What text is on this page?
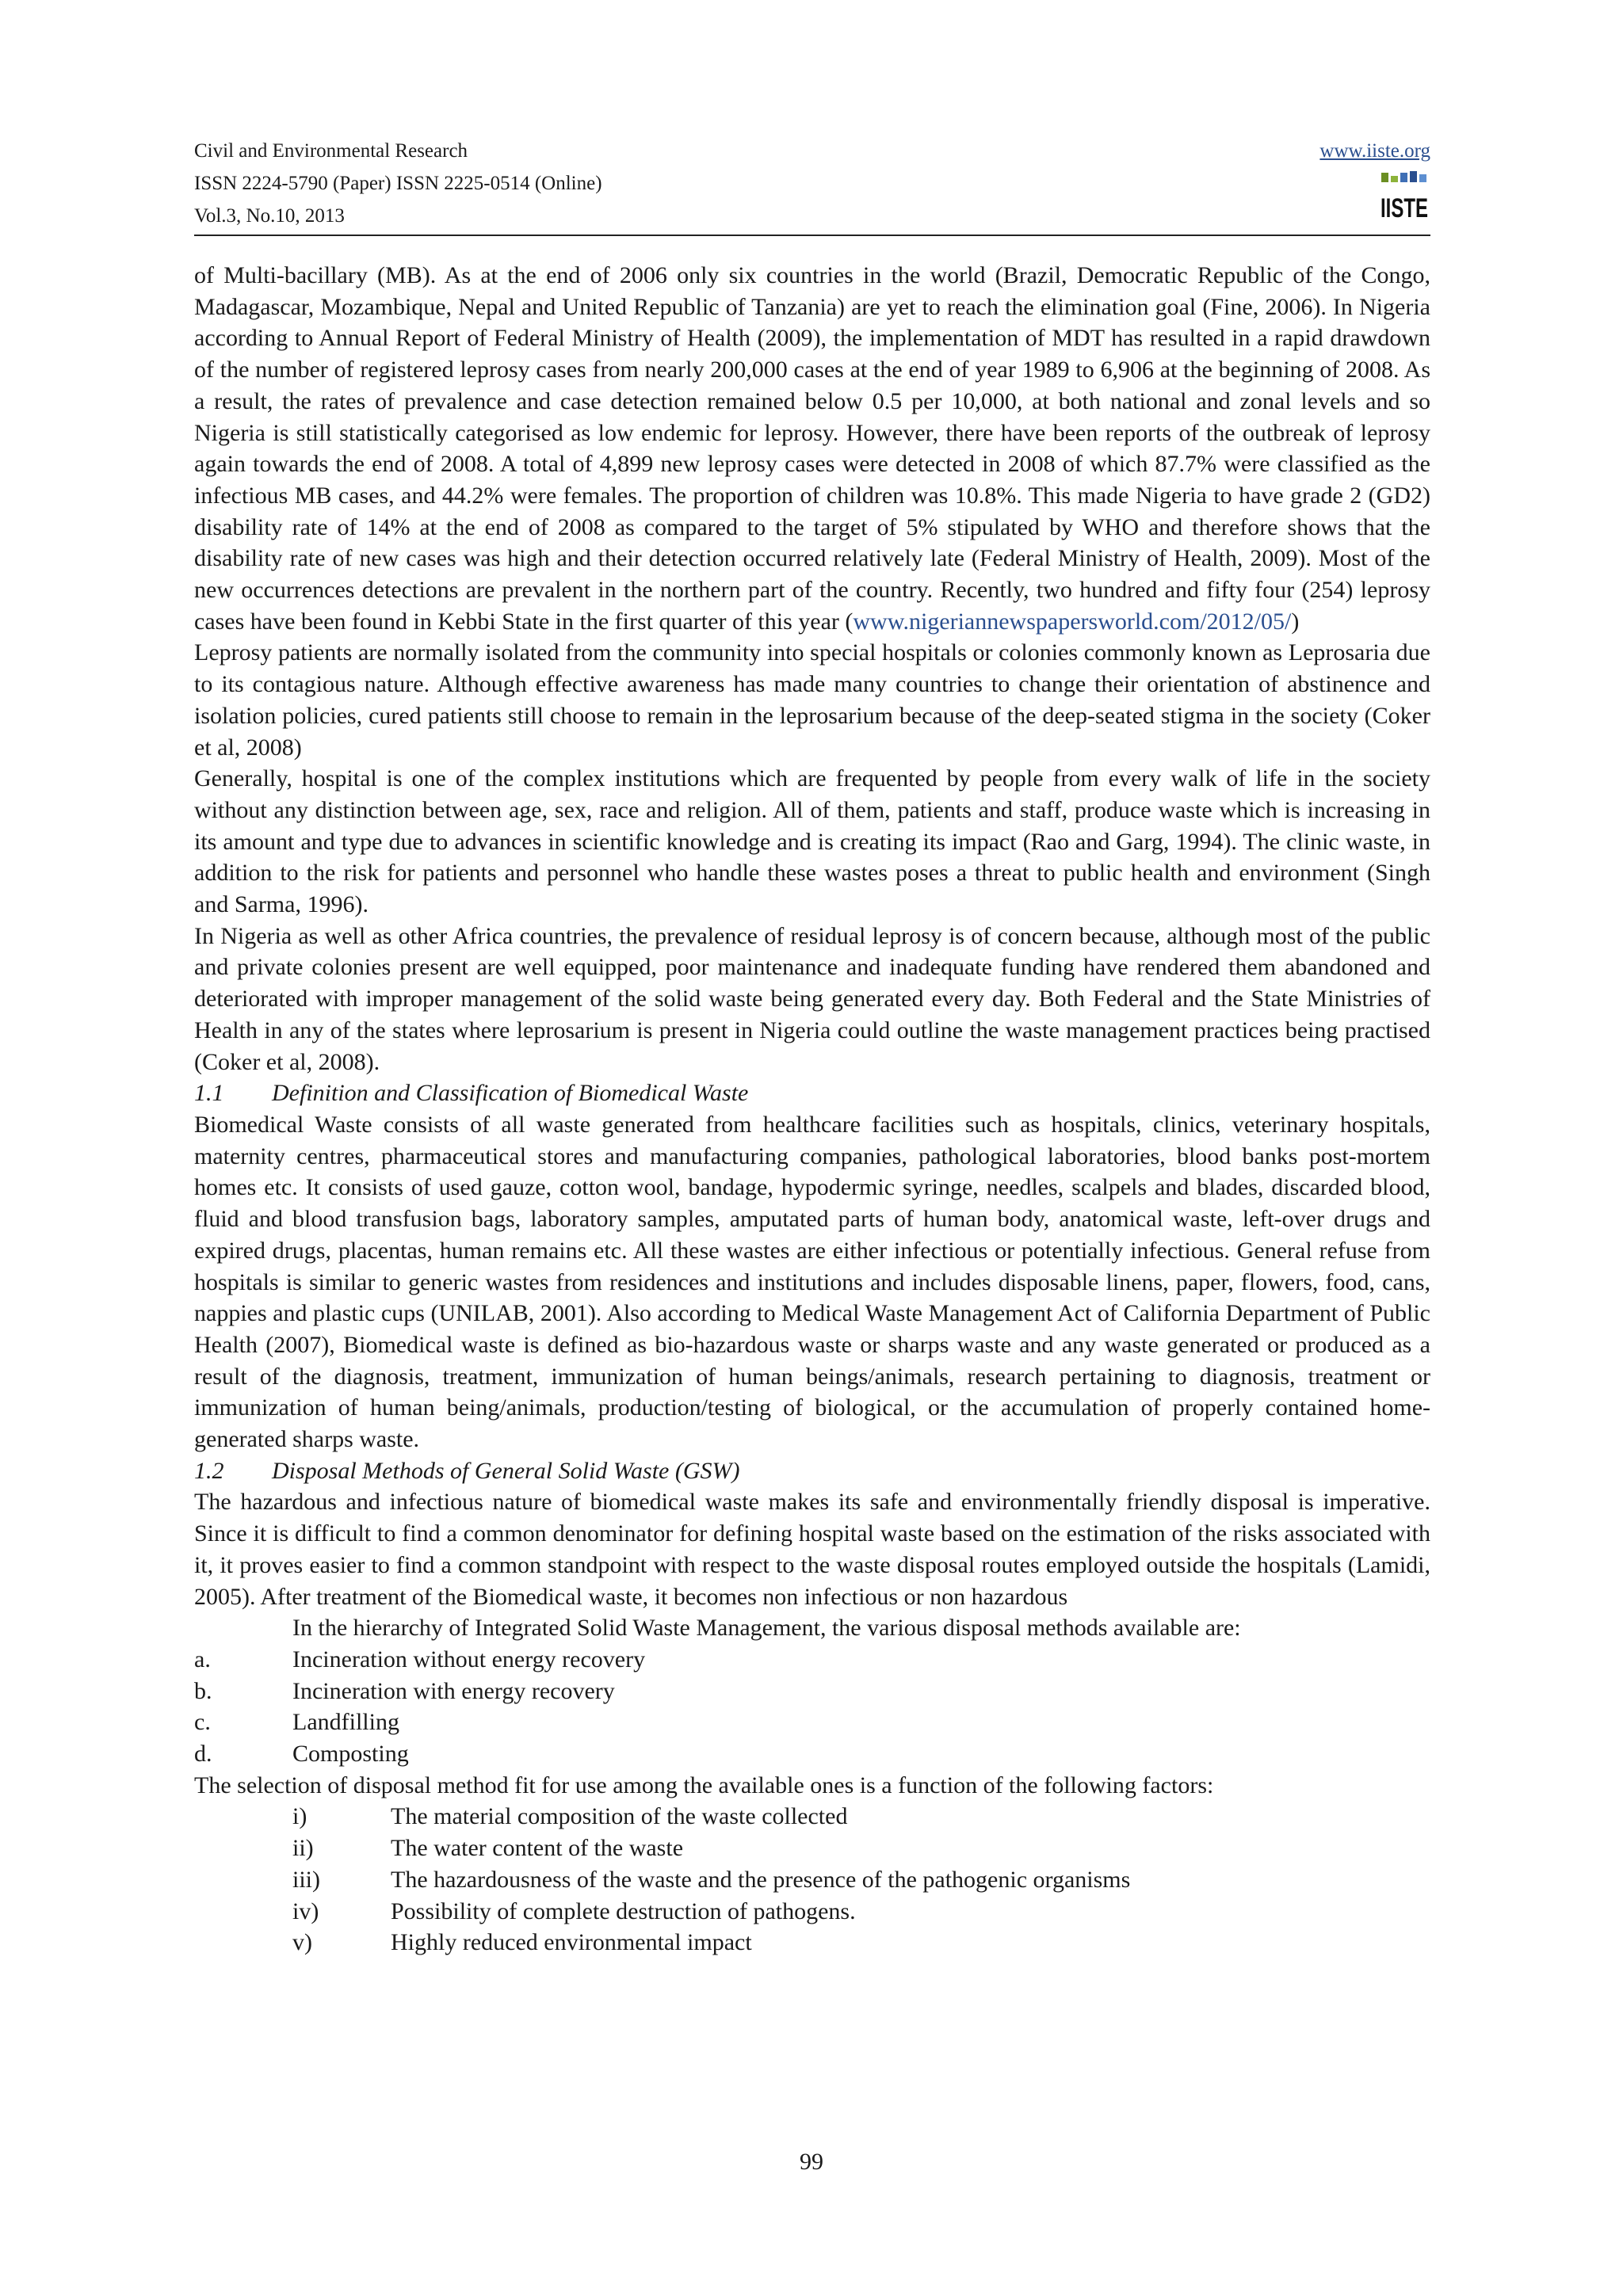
Civil and Environmental Research
ISSN 2224-5790 (Paper) ISSN 2225-0514 (Online)
Vol.3, No.10, 2013
www.iiste.org
IISTE

of Multi-bacillary (MB). As at the end of 2006 only six countries in the world (Brazil, Democratic Republic of the Congo, Madagascar, Mozambique, Nepal and United Republic of Tanzania) are yet to reach the elimination goal (Fine, 2006). In Nigeria according to Annual Report of Federal Ministry of Health (2009), the implementation of MDT has resulted in a rapid drawdown of the number of registered leprosy cases from nearly 200,000 cases at the end of year 1989 to 6,906 at the beginning of 2008. As a result, the rates of prevalence and case detection remained below 0.5 per 10,000, at both national and zonal levels and so Nigeria is still statistically categorised as low endemic for leprosy. However, there have been reports of the outbreak of leprosy again towards the end of 2008. A total of 4,899 new leprosy cases were detected in 2008 of which 87.7% were classified as the infectious MB cases, and 44.2% were females. The proportion of children was 10.8%. This made Nigeria to have grade 2 (GD2) disability rate of 14% at the end of 2008 as compared to the target of 5% stipulated by WHO and therefore shows that the disability rate of new cases was high and their detection occurred relatively late (Federal Ministry of Health, 2009). Most of the new occurrences detections are prevalent in the northern part of the country. Recently, two hundred and fifty four (254) leprosy cases have been found in Kebbi State in the first quarter of this year (www.nigeriannewspapersworld.com/2012/05/)

Leprosy patients are normally isolated from the community into special hospitals or colonies commonly known as Leprosaria due to its contagious nature. Although effective awareness has made many countries to change their orientation of abstinence and isolation policies, cured patients still choose to remain in the leprosarium because of the deep-seated stigma in the society (Coker et al, 2008)

Generally, hospital is one of the complex institutions which are frequented by people from every walk of life in the society without any distinction between age, sex, race and religion. All of them, patients and staff, produce waste which is increasing in its amount and type due to advances in scientific knowledge and is creating its impact (Rao and Garg, 1994). The clinic waste, in addition to the risk for patients and personnel who handle these wastes poses a threat to public health and environment (Singh and Sarma, 1996).

In Nigeria as well as other Africa countries, the prevalence of residual leprosy is of concern because, although most of the public and private colonies present are well equipped, poor maintenance and inadequate funding have rendered them abandoned and deteriorated with improper management of the solid waste being generated every day. Both Federal and the State Ministries of Health in any of the states where leprosarium is present in Nigeria could outline the waste management practices being practised (Coker et al, 2008).

1.1	Definition and Classification of Biomedical Waste

Biomedical Waste consists of all waste generated from healthcare facilities such as hospitals, clinics, veterinary hospitals, maternity centres, pharmaceutical stores and manufacturing companies, pathological laboratories, blood banks post-mortem homes etc. It consists of used gauze, cotton wool, bandage, hypodermic syringe, needles, scalpels and blades, discarded blood, fluid and blood transfusion bags, laboratory samples, amputated parts of human body, anatomical waste, left-over drugs and expired drugs, placentas, human remains etc. All these wastes are either infectious or potentially infectious. General refuse from hospitals is similar to generic wastes from residences and institutions and includes disposable linens, paper, flowers, food, cans, nappies and plastic cups (UNILAB, 2001). Also according to Medical Waste Management Act of California Department of Public Health (2007), Biomedical waste is defined as bio-hazardous waste or sharps waste and any waste generated or produced as a result of the diagnosis, treatment, immunization of human beings/animals, research pertaining to diagnosis, treatment or immunization of human being/animals, production/testing of biological, or the accumulation of properly contained home-generated sharps waste.

1.2	Disposal Methods of General Solid Waste (GSW)

The hazardous and infectious nature of biomedical waste makes its safe and environmentally friendly disposal is imperative. Since it is difficult to find a common denominator for defining hospital waste based on the estimation of the risks associated with it, it proves easier to find a common standpoint with respect to the waste disposal routes employed outside the hospitals (Lamidi, 2005). After treatment of the Biomedical waste, it becomes non infectious or non hazardous

In the hierarchy of Integrated Solid Waste Management, the various disposal methods available are:

a.	Incineration without energy recovery
b.	Incineration with energy recovery
c.	Landfilling
d.	Composting

The selection of disposal method fit for use among the available ones is a function of the following factors:

i)	The material composition of the waste collected
ii)	The water content of the waste
iii)	The hazardousness of the waste and the presence of the pathogenic organisms
iv)	Possibility of complete destruction of pathogens.
v)	Highly reduced environmental impact
99
